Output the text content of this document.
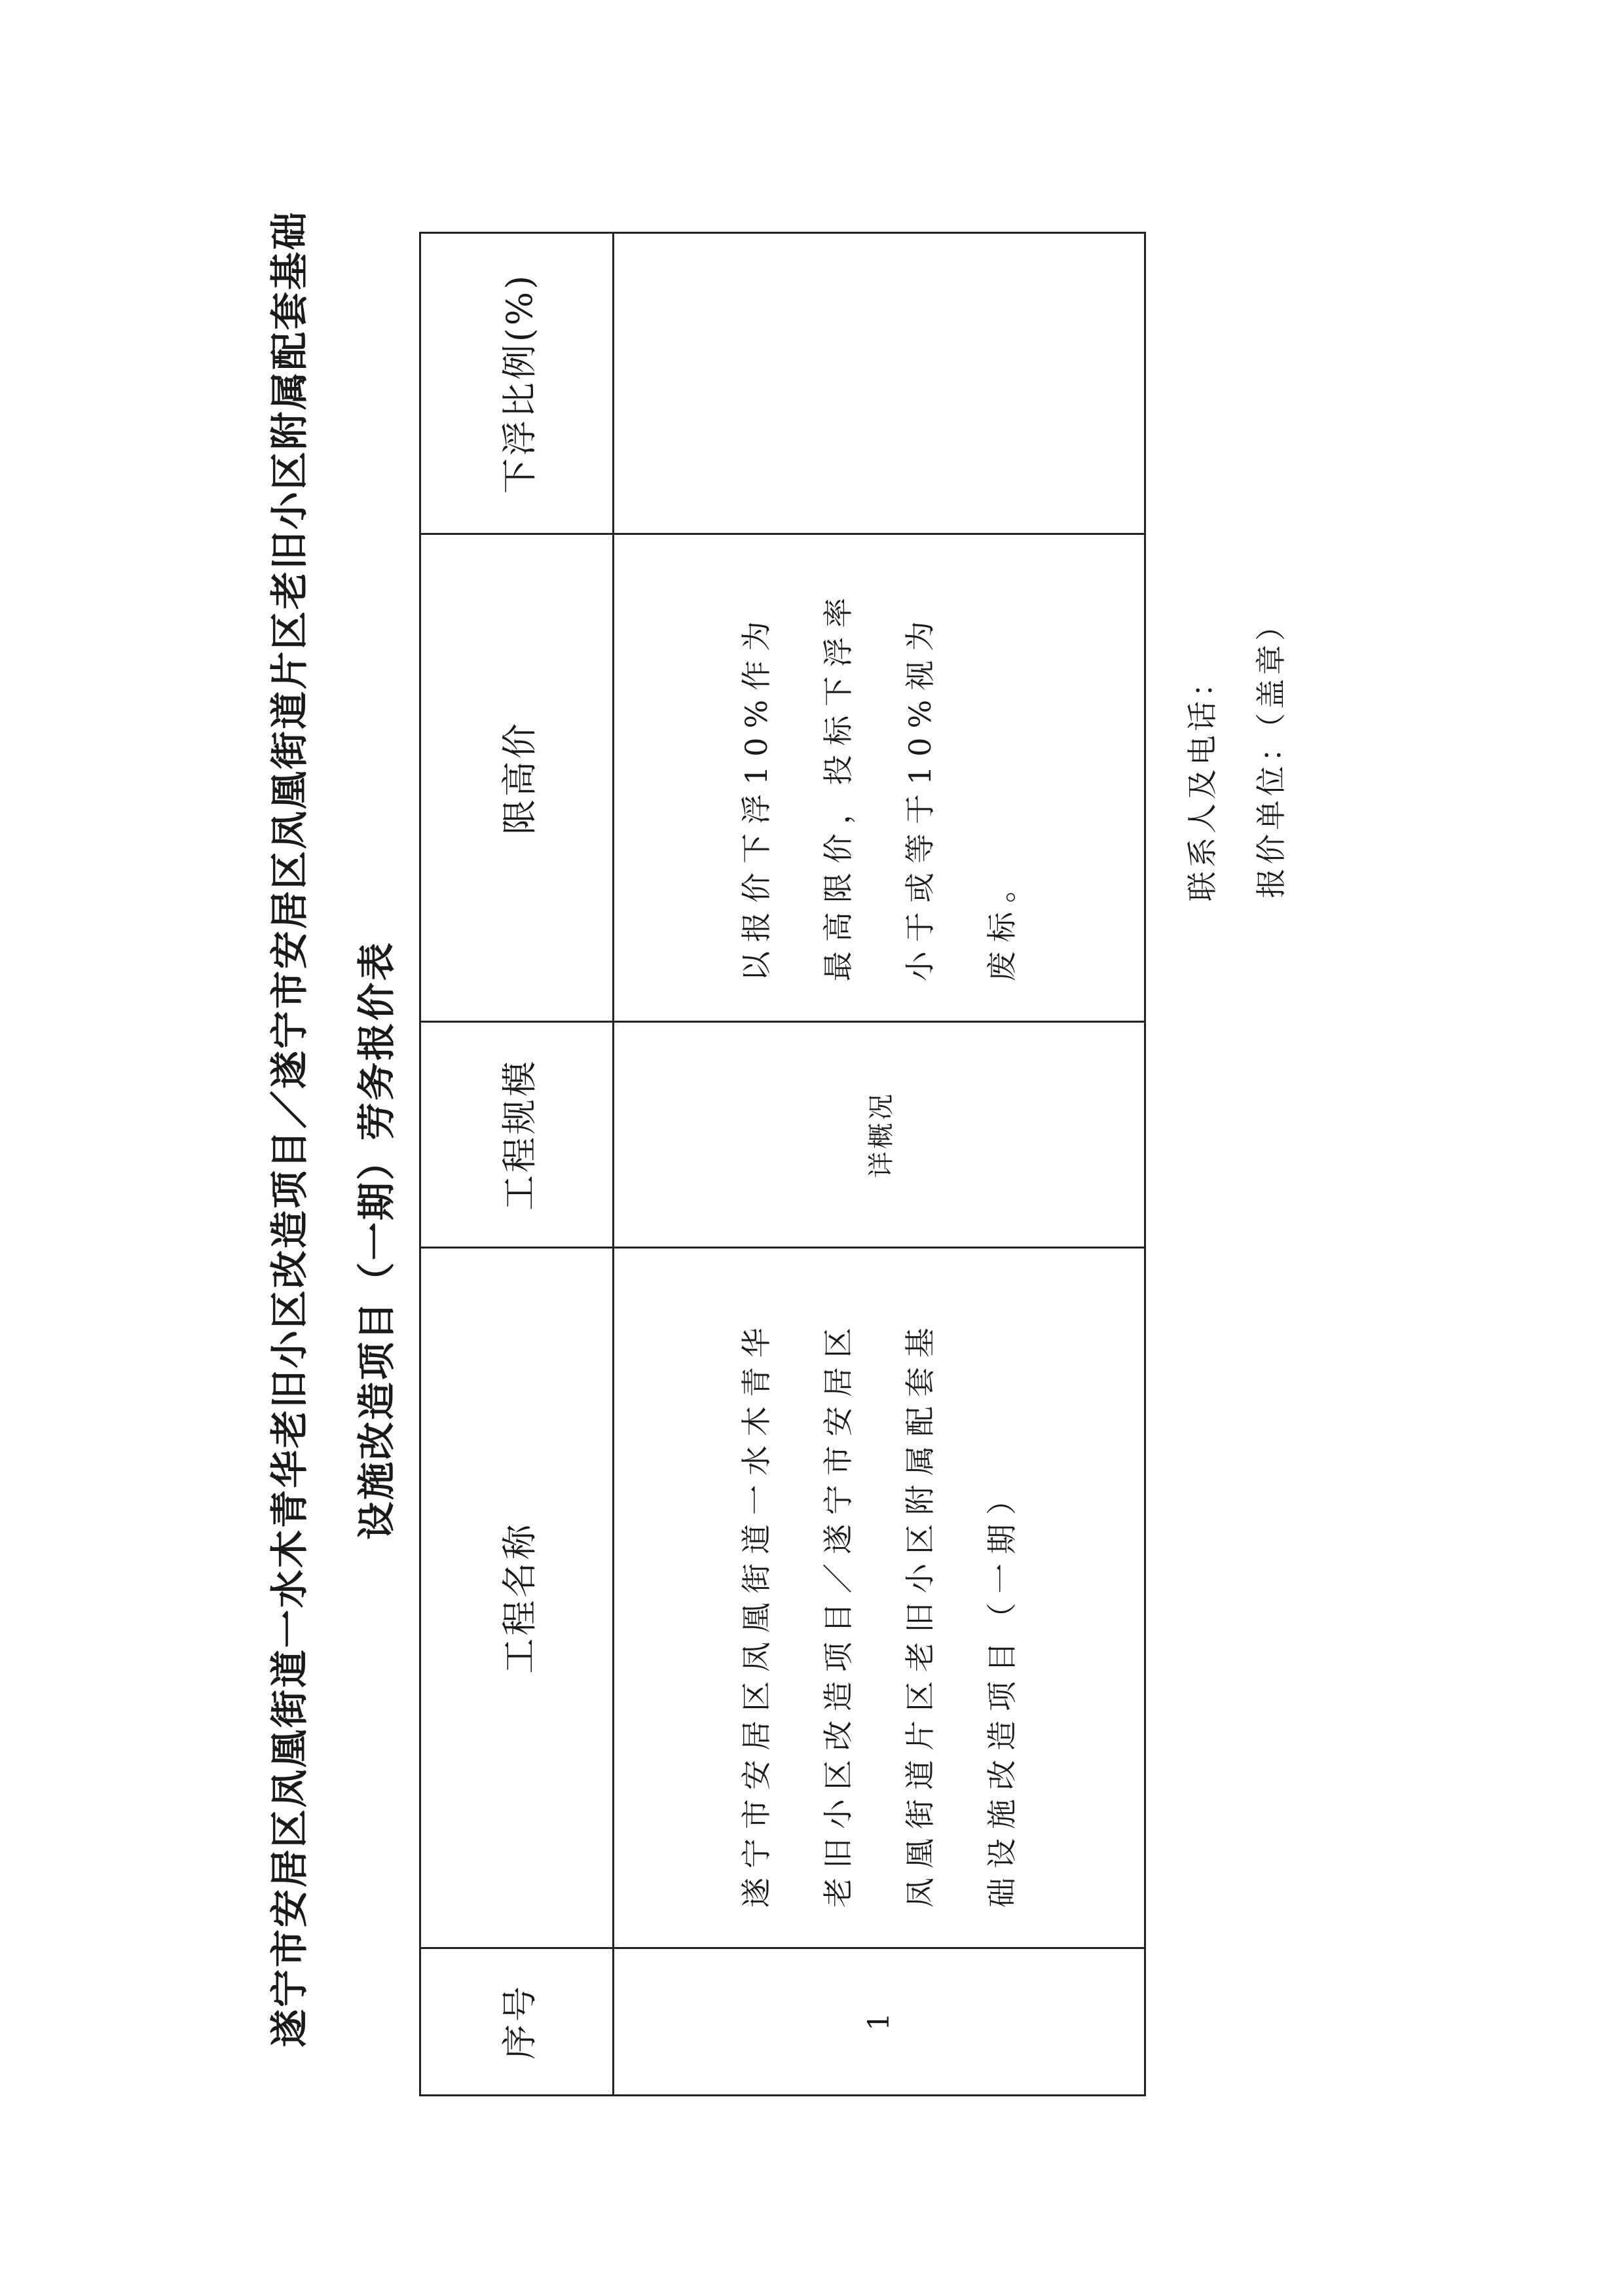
遂宁市安居区凤凰街道一水木青华老旧小区改造项目／遂宁市安居区凤凰街道片区老旧小区附属配套基础 设施改造项目（一期）劳务报价表
序号	工程名称	工程规模	限高价	下浮比例(%)
1	遂宁市安居区凤凰街道一水木青华老旧小区改造项目／遂宁市安居区凤凰街道片区老旧小区附属配套基础设施改造项目（一期）	详概况	以报价下浮10%作为最高限价，投标下浮率小于或等于10%视为废标。	

联系人及电话： 报价单位：（盖章）
